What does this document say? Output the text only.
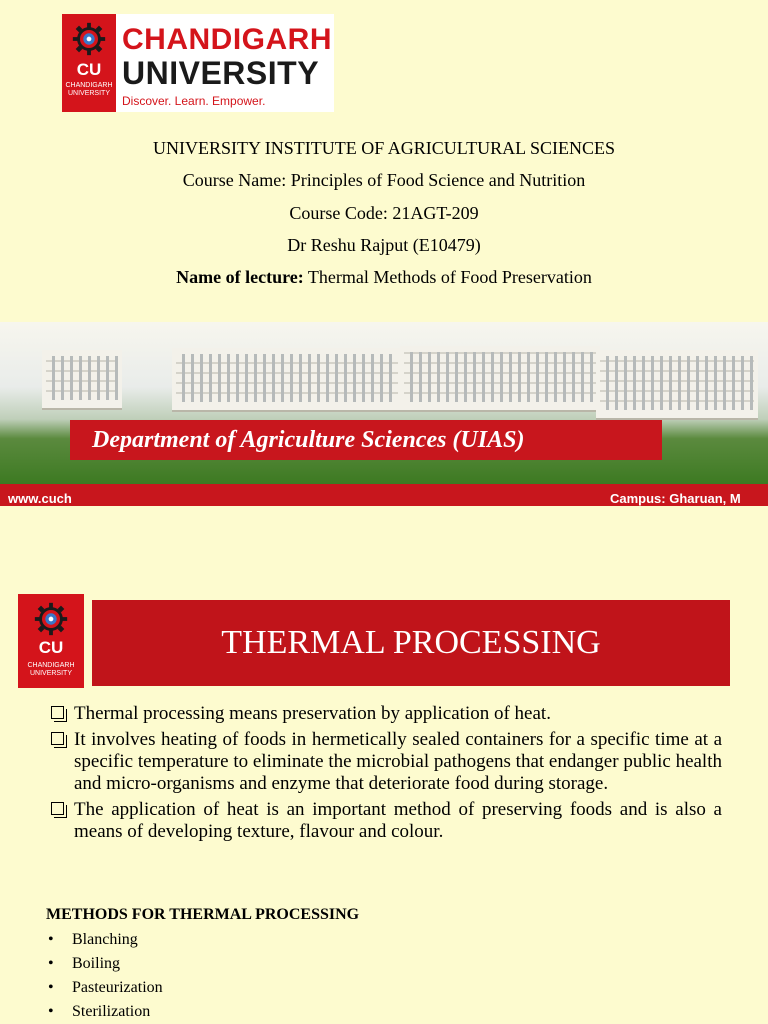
CU
CHANDIGARH UNIVERSITY
CHANDIGARH
UNIVERSITY
Discover. Learn. Empower.
UNIVERSITY INSTITUTE OF AGRICULTURAL SCIENCES
Course Name: Principles of Food Science and Nutrition
Course Code: 21AGT-209
Dr Reshu Rajput (E10479)
Name of lecture: Thermal Methods of Food Preservation
Department of Agriculture Sciences (UIAS)
www.cuch	Campus: Gharuan, M
CU
CHANDIGARH UNIVERSITY
THERMAL PROCESSING
Thermal processing means preservation by application of heat.
It involves heating of foods in hermetically sealed containers for a specific time at a specific temperature to eliminate the microbial pathogens that endanger public health and micro-organisms and enzyme that deteriorate food during storage.
The application of heat is an important method of preserving foods and is also a means of developing texture, flavour and colour.
METHODS FOR THERMAL PROCESSING
• Blanching
• Boiling
• Pasteurization
• Sterilization
